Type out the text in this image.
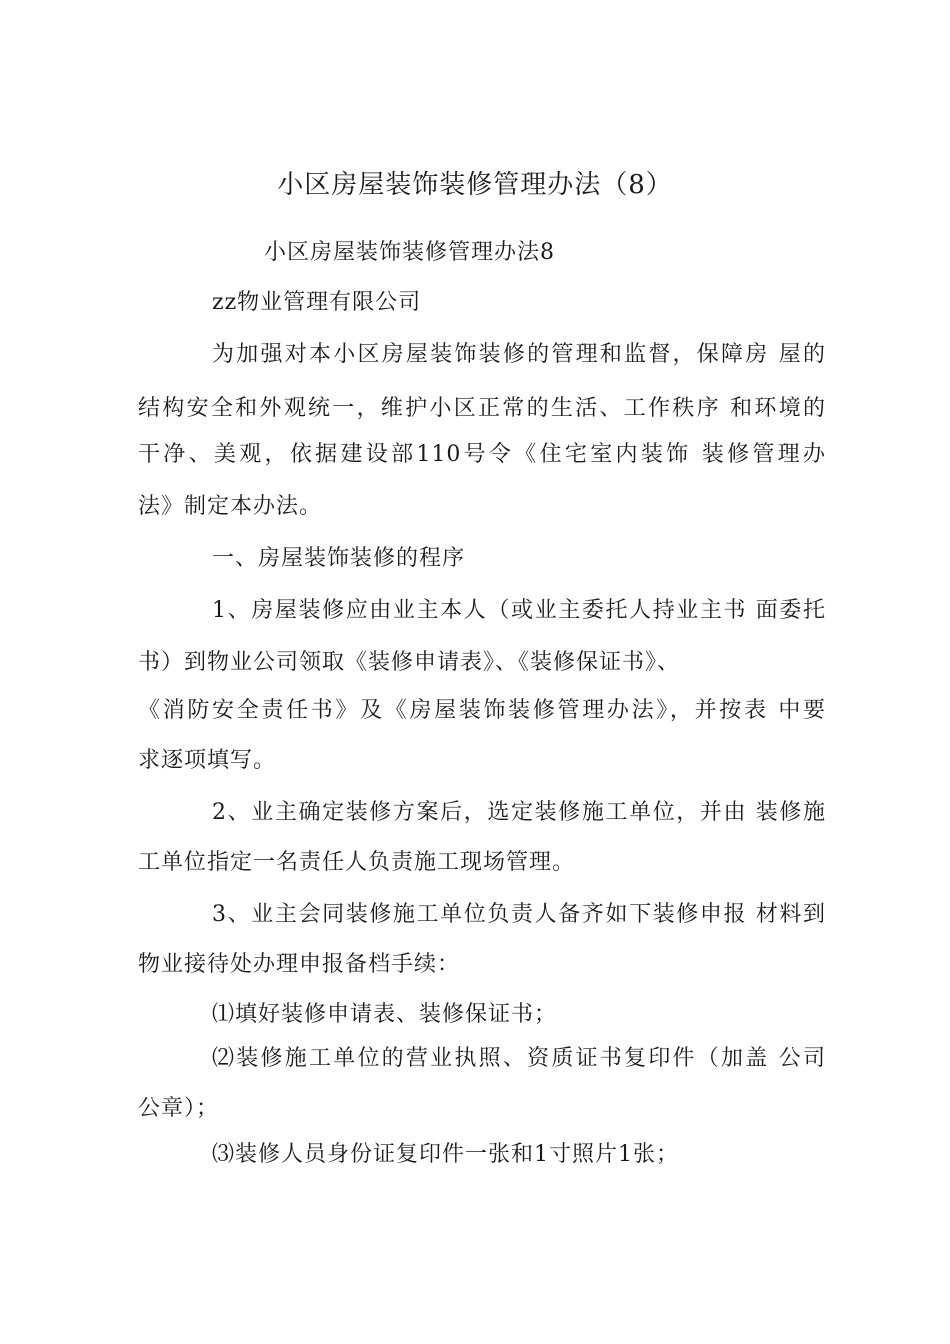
小区房屋装饰装修管理办法（8）
小区房屋装饰装修管理办法8
zz物业管理有限公司
为加强对本小区房屋装饰装修的管理和监督，保障房 屋的
结构安全和外观统一，维护小区正常的生活、工作秩序 和环境的
干净、美观，依据建设部110号令《住宅室内装饰 装修管理办
法》制定本办法。
一、房屋装饰装修的程序
1、房屋装修应由业主本人（或业主委托人持业主书 面委托
书）到物业公司领取《装修申请表》、《装修保证书》、
《消防安全责任书》及《房屋装饰装修管理办法》，并按表 中要
求逐项填写。
2、业主确定装修方案后，选定装修施工单位，并由 装修施
工单位指定一名责任人负责施工现场管理。
3、业主会同装修施工单位负责人备齐如下装修申报 材料到
物业接待处办理申报备档手续：
⑴填好装修申请表、装修保证书；
⑵装修施工单位的营业执照、资质证书复印件（加盖 公司
公章）；
⑶装修人员身份证复印件一张和1寸照片1张；
